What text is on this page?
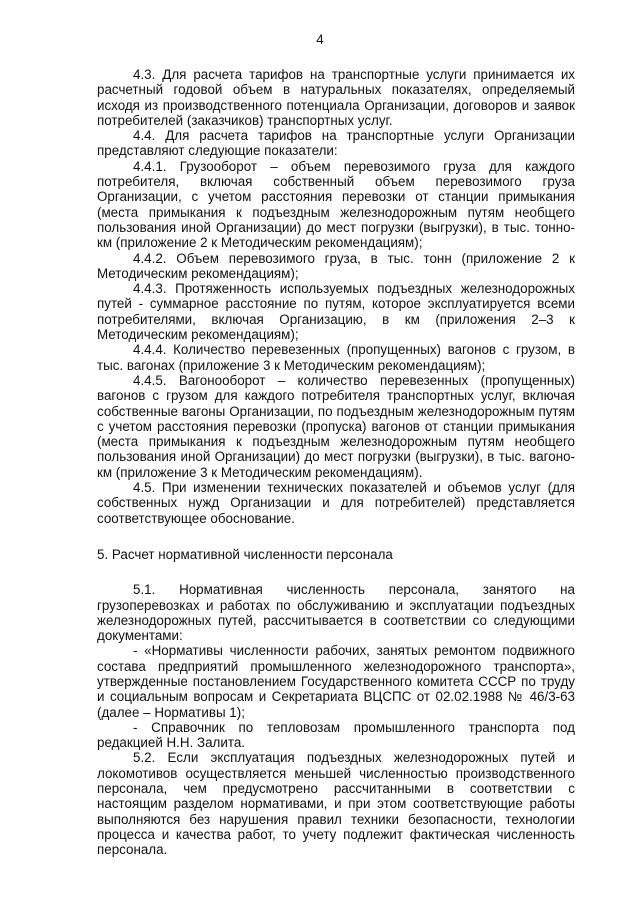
4

4.3. Для расчета тарифов на транспортные услуги принимается их расчетный годовой объем в натуральных показателях, определяемый исходя из производственного потенциала Организации, договоров и заявок потребителей (заказчиков) транспортных услуг.

4.4. Для расчета тарифов на транспортные услуги Организации представляют следующие показатели:

4.4.1. Грузооборот – объем перевозимого груза для каждого потребителя, включая собственный объем перевозимого груза Организации, с учетом расстояния перевозки от станции примыкания (места примыкания к подъездным железнодорожным путям необщего пользования иной Организации) до мест погрузки (выгрузки), в тыс. тонно-км (приложение 2 к Методическим рекомендациям);

4.4.2. Объем перевозимого груза, в тыс. тонн (приложение 2 к Методическим рекомендациям);

4.4.3. Протяженность используемых подъездных железнодорожных путей - суммарное расстояние по путям, которое эксплуатируется всеми потребителями, включая Организацию, в км (приложения 2–3 к Методическим рекомендациям);

4.4.4. Количество перевезенных (пропущенных) вагонов с грузом, в тыс. вагонах (приложение 3 к Методическим рекомендациям);

4.4.5. Вагонооборот – количество перевезенных (пропущенных) вагонов с грузом для каждого потребителя транспортных услуг, включая собственные вагоны Организации, по подъездным железнодорожным путям с учетом расстояния перевозки (пропуска) вагонов от станции примыкания (места примыкания к подъездным железнодорожным путям необщего пользования иной Организации) до мест погрузки (выгрузки), в тыс. вагоно-км (приложение 3 к Методическим рекомендациям).

4.5. При изменении технических показателей и объемов услуг (для собственных нужд Организации и для потребителей) представляется соответствующее обоснование.

5. Расчет нормативной численности персонала

5.1. Нормативная численность персонала, занятого на грузоперевозках и работах по обслуживанию и эксплуатации подъездных железнодорожных путей, рассчитывается в соответствии со следующими документами:

- «Нормативы численности рабочих, занятых ремонтом подвижного состава предприятий промышленного железнодорожного транспорта», утвержденные постановлением Государственного комитета СССР по труду и социальным вопросам и Секретариата ВЦСПС от 02.02.1988 № 46/3-63 (далее – Нормативы 1);

- Справочник по тепловозам промышленного транспорта под редакцией Н.Н. Залита.

5.2. Если эксплуатация подъездных железнодорожных путей и локомотивов осуществляется меньшей численностью производственного персонала, чем предусмотрено рассчитанными в соответствии с настоящим разделом нормативами, и при этом соответствующие работы выполняются без нарушения правил техники безопасности, технологии процесса и качества работ, то учету подлежит фактическая численность персонала.
